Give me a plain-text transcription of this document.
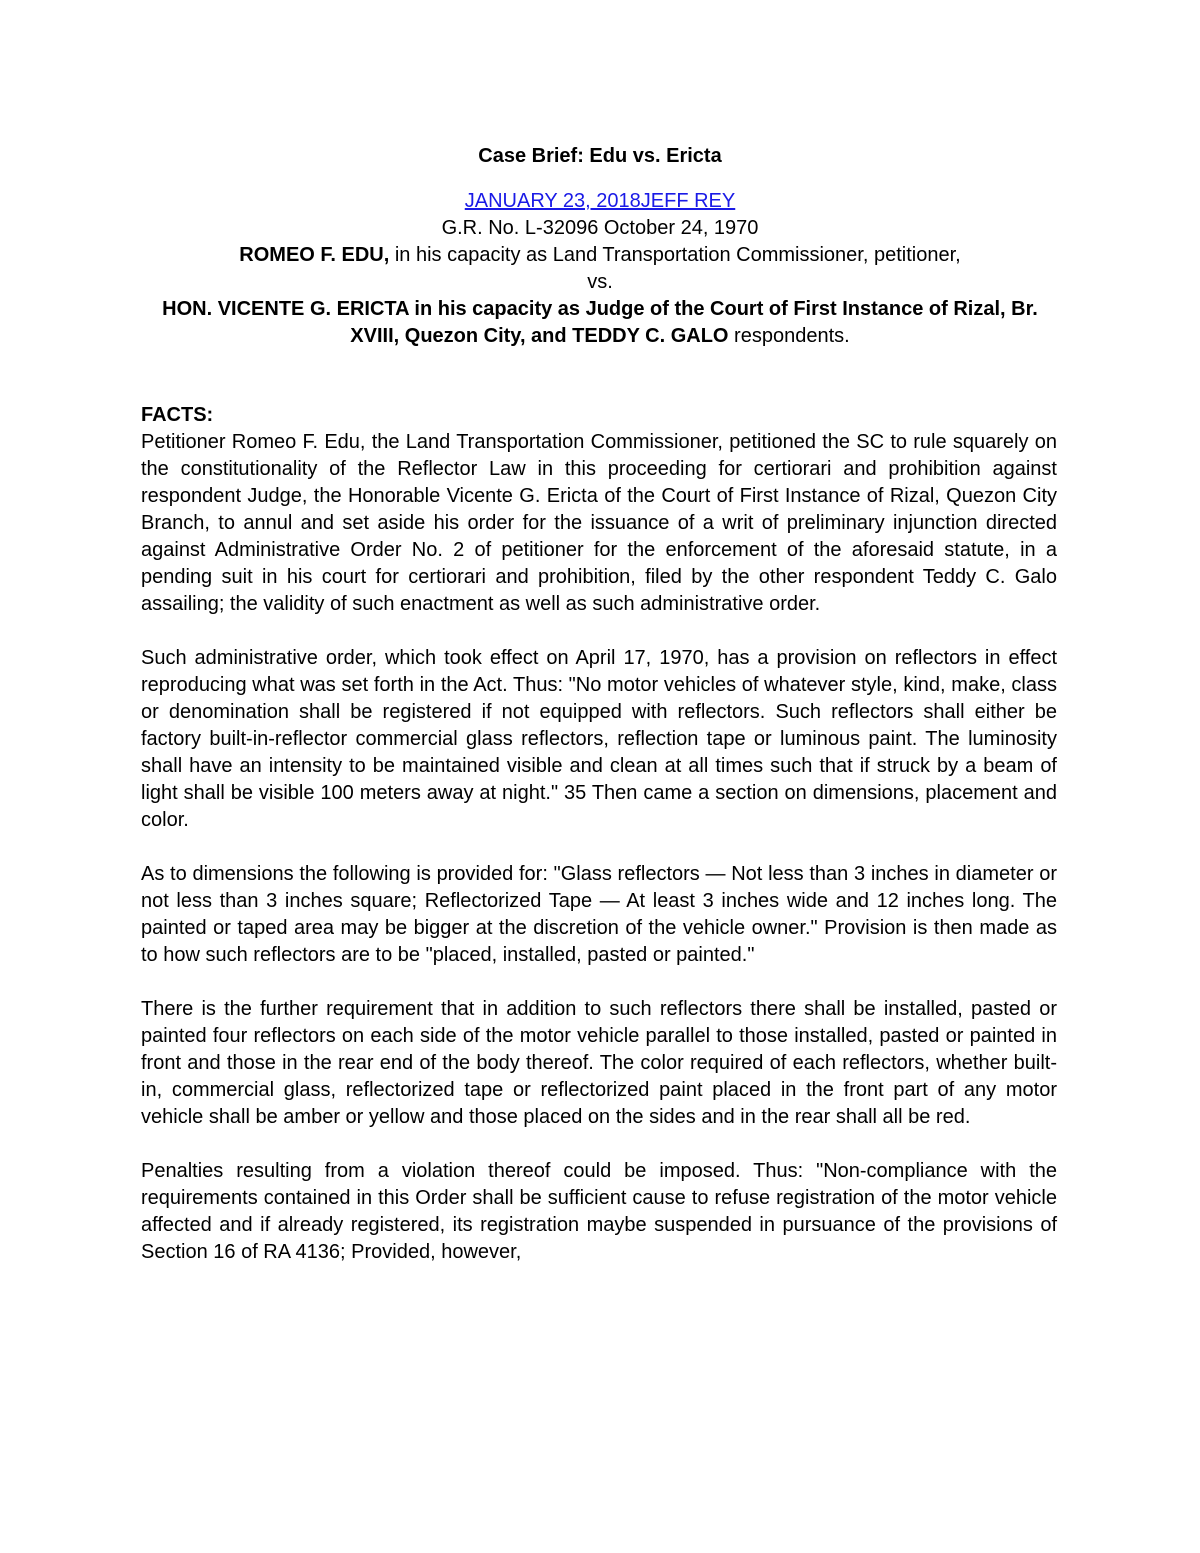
Case Brief: Edu vs. Ericta
JANUARY 23, 2018JEFF REY
G.R. No. L-32096 October 24, 1970
ROMEO F. EDU, in his capacity as Land Transportation Commissioner, petitioner,
vs.
HON. VICENTE G. ERICTA in his capacity as Judge of the Court of First Instance of Rizal, Br. XVIII, Quezon City, and TEDDY C. GALO respondents.
FACTS:

Petitioner Romeo F. Edu, the Land Transportation Commissioner, petitioned the SC to rule squarely on the constitutionality of the Reflector Law in this proceeding for certiorari and prohibition against respondent Judge, the Honorable Vicente G. Ericta of the Court of First Instance of Rizal, Quezon City Branch, to annul and set aside his order for the issuance of a writ of preliminary injunction directed against Administrative Order No. 2 of petitioner for the enforcement of the aforesaid statute, in a pending suit in his court for certiorari and prohibition, filed by the other respondent Teddy C. Galo assailing; the validity of such enactment as well as such administrative order.

Such administrative order, which took effect on April 17, 1970, has a provision on reflectors in effect reproducing what was set forth in the Act. Thus: "No motor vehicles of whatever style, kind, make, class or denomination shall be registered if not equipped with reflectors. Such reflectors shall either be factory built-in-reflector commercial glass reflectors, reflection tape or luminous paint. The luminosity shall have an intensity to be maintained visible and clean at all times such that if struck by a beam of light shall be visible 100 meters away at night." 35 Then came a section on dimensions, placement and color.

As to dimensions the following is provided for: "Glass reflectors — Not less than 3 inches in diameter or not less than 3 inches square; Reflectorized Tape — At least 3 inches wide and 12 inches long. The painted or taped area may be bigger at the discretion of the vehicle owner." Provision is then made as to how such reflectors are to be "placed, installed, pasted or painted."

There is the further requirement that in addition to such reflectors there shall be installed, pasted or painted four reflectors on each side of the motor vehicle parallel to those installed, pasted or painted in front and those in the rear end of the body thereof. The color required of each reflectors, whether built-in, commercial glass, reflectorized tape or reflectorized paint placed in the front part of any motor vehicle shall be amber or yellow and those placed on the sides and in the rear shall all be red.

Penalties resulting from a violation thereof could be imposed. Thus: "Non-compliance with the requirements contained in this Order shall be sufficient cause to refuse registration of the motor vehicle affected and if already registered, its registration maybe suspended in pursuance of the provisions of Section 16 of RA 4136; Provided, however,
